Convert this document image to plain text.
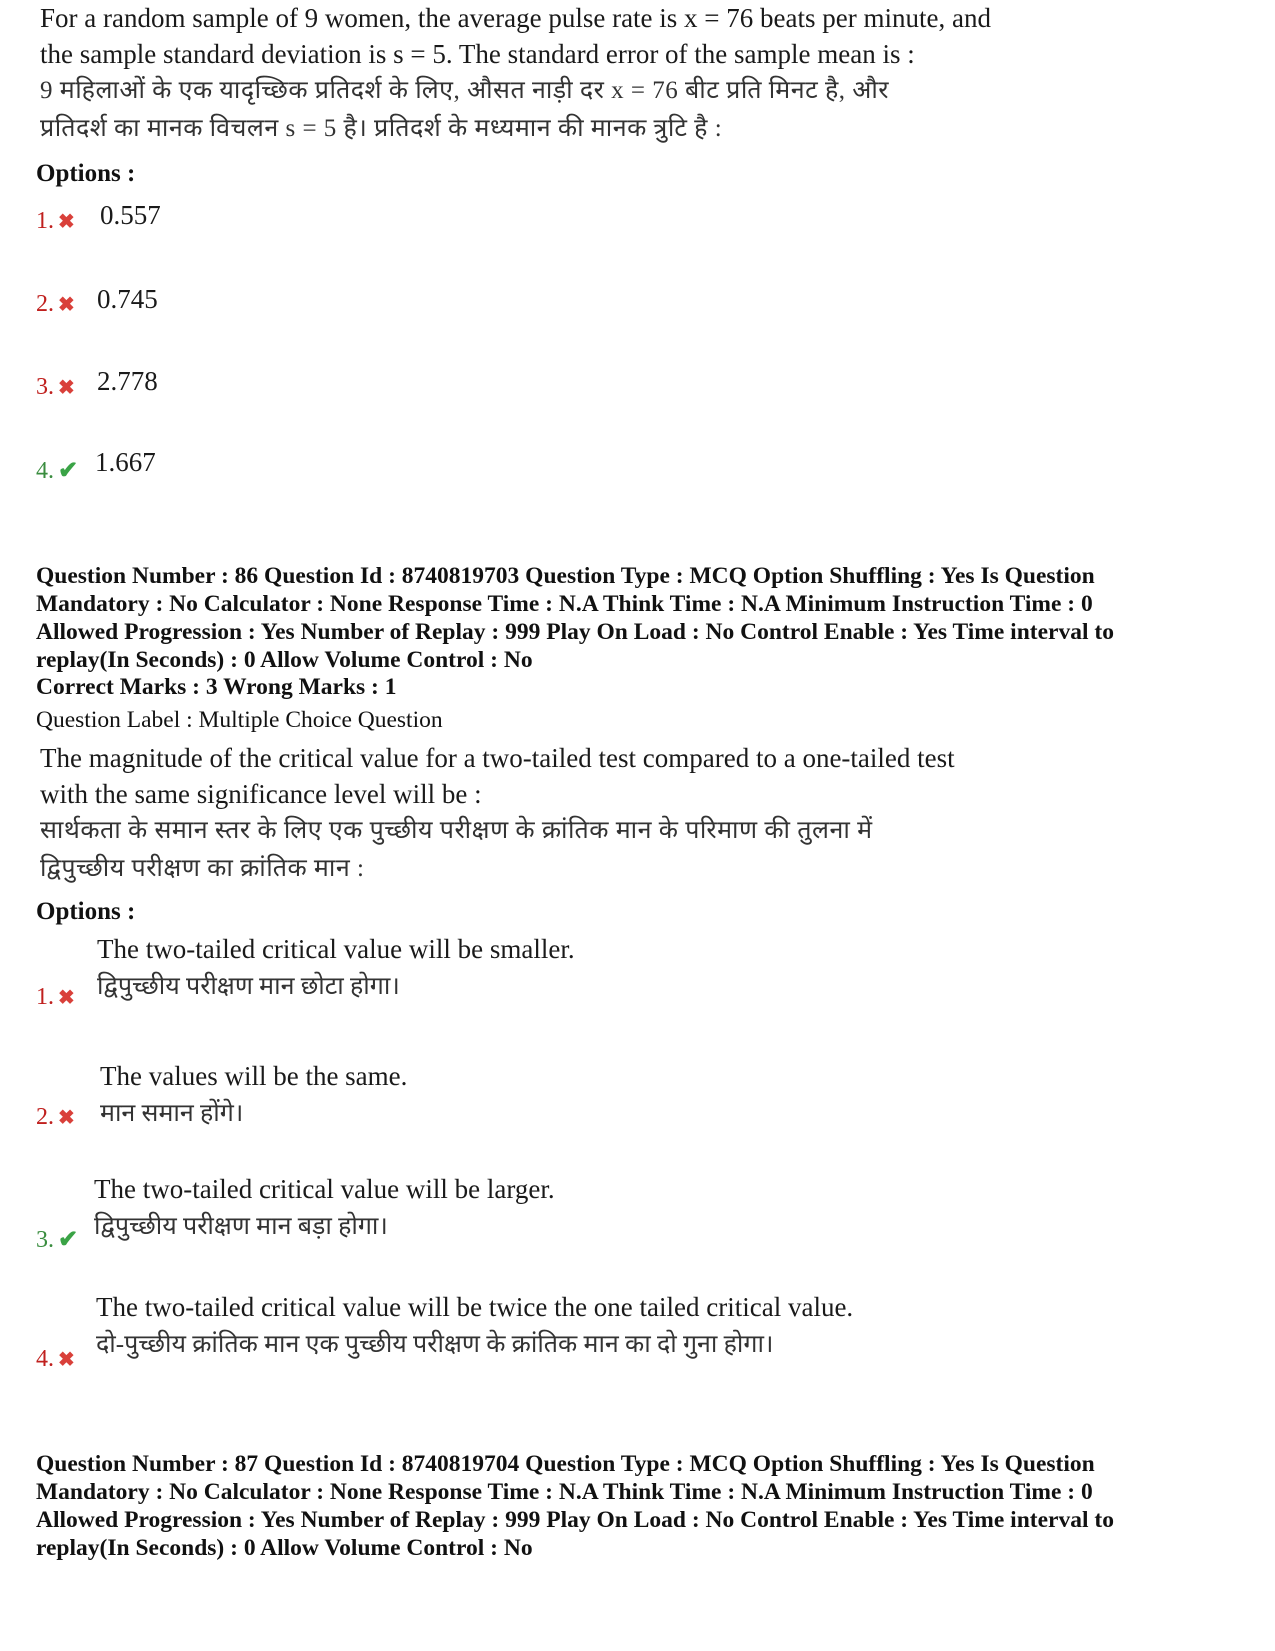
For a random sample of 9 women, the average pulse rate is x = 76 beats per minute, and
the sample standard deviation is s = 5. The standard error of the sample mean is :
9 महिलाओं के एक यादृच्छिक प्रतिदर्श के लिए, औसत नाड़ी दर x = 76 बीट प्रति मिनट है, और
प्रतिदर्श का मानक विचलन s = 5 है। प्रतिदर्श के मध्यमान की मानक त्रुटि है :
Options :
1. ✖ 0.557
2. ✖ 0.745
3. ✖ 2.778
4. ✔ 1.667
Question Number : 86 Question Id : 8740819703 Question Type : MCQ Option Shuffling : Yes Is Question
Mandatory : No Calculator : None Response Time : N.A Think Time : N.A Minimum Instruction Time : 0
Allowed Progression : Yes Number of Replay : 999 Play On Load : No Control Enable : Yes Time interval to
replay(In Seconds) : 0 Allow Volume Control : No
Correct Marks : 3 Wrong Marks : 1
Question Label : Multiple Choice Question
The magnitude of the critical value for a two-tailed test compared to a one-tailed test
with the same significance level will be :
सार्थकता के समान स्तर के लिए एक पुच्छीय परीक्षण के क्रांतिक मान के परिमाण की तुलना में
द्विपुच्छीय परीक्षण का क्रांतिक मान :
Options :
1. ✖
The two-tailed critical value will be smaller.
द्विपुच्छीय परीक्षण मान छोटा होगा।
2. ✖
The values will be the same.
मान समान होंगे।
3. ✔
The two-tailed critical value will be larger.
द्विपुच्छीय परीक्षण मान बड़ा होगा।
4. ✖
The two-tailed critical value will be twice the one tailed critical value.
दो-पुच्छीय क्रांतिक मान एक पुच्छीय परीक्षण के क्रांतिक मान का दो गुना होगा।
Question Number : 87 Question Id : 8740819704 Question Type : MCQ Option Shuffling : Yes Is Question
Mandatory : No Calculator : None Response Time : N.A Think Time : N.A Minimum Instruction Time : 0
Allowed Progression : Yes Number of Replay : 999 Play On Load : No Control Enable : Yes Time interval to
replay(In Seconds) : 0 Allow Volume Control : No
